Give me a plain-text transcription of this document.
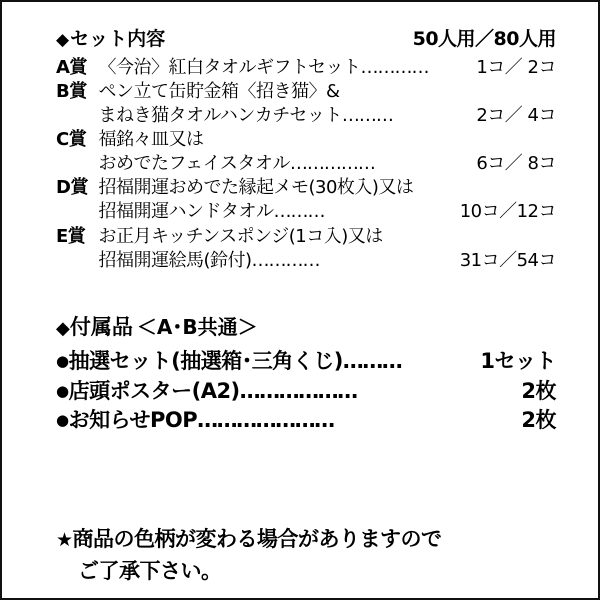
◆ セット内容	50人用／80人用
A賞	〈今治〉紅白タオルギフトセット…………	1コ／ 2コ
B賞	ペン立て缶貯金箱〈招き猫〉&	
	まねき猫タオルハンカチセット………	2コ／ 4コ
C賞	福銘々皿又は	
	おめでたフェイスタオル……………	6コ／ 8コ
D賞	招福開運おめでた縁起メモ(30枚入)又は	
	招福開運ハンドタオル………	10コ／12コ
E賞	お正月キッチンスポンジ(1コ入)又は	
	招福開運絵馬(鈴付)…………	31コ／54コ
◆付属品 ＜A･B共通＞
●抽選セット(抽選箱･三角くじ)………	1セット
●店頭ポスター(A2)………………	2枚
●お知らせPOP…………………	2枚
★商品の色柄が変わる場合がありますので
ご了承下さい。
